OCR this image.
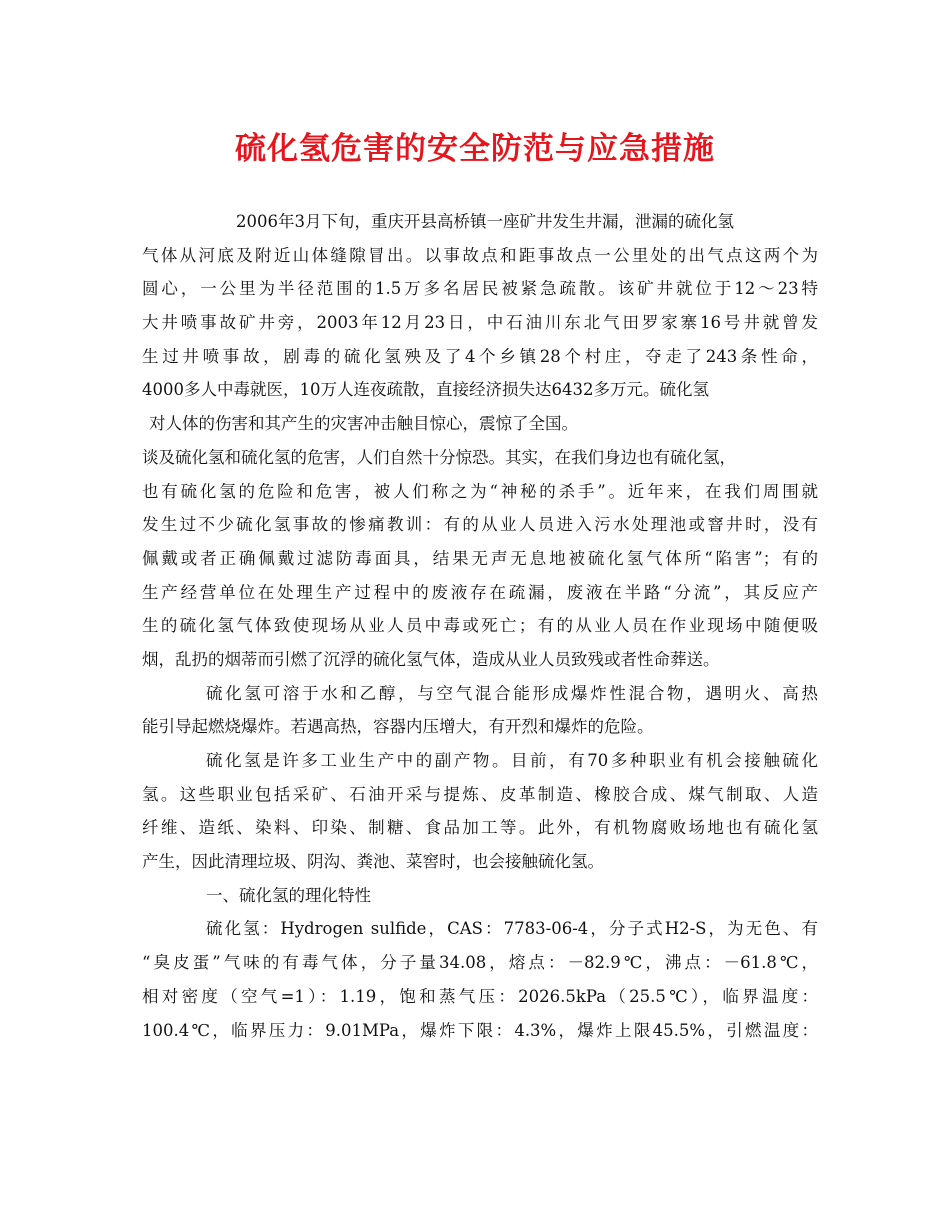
硫化氢危害的安全防范与应急措施
2006年3月下旬，重庆开县高桥镇一座矿井发生井漏，泄漏的硫化氢
气体从河底及附近山体缝隙冒出。以事故点和距事故点一公里处的出气点这两个为
圆心，一公里为半径范围的1.5万多名居民被紧急疏散。该矿井就位于12～23特
大井喷事故矿井旁，2003年12月23日，中石油川东北气田罗家寨16号井就曾发
生过井喷事故，剧毒的硫化氢殃及了4个乡镇28个村庄，夺走了243条性命，
4000多人中毒就医，10万人连夜疏散，直接经济损失达6432多万元。硫化氢
对人体的伤害和其产生的灾害冲击触目惊心，震惊了全国。
谈及硫化氢和硫化氢的危害，人们自然十分惊恐。其实，在我们身边也有硫化氢，
也有硫化氢的危险和危害，被人们称之为“神秘的杀手”。近年来，在我们周围就
发生过不少硫化氢事故的惨痛教训：有的从业人员进入污水处理池或窨井时，没有
佩戴或者正确佩戴过滤防毒面具，结果无声无息地被硫化氢气体所“陷害”；有的
生产经营单位在处理生产过程中的废液存在疏漏，废液在半路“分流”，其反应产
生的硫化氢气体致使现场从业人员中毒或死亡；有的从业人员在作业现场中随便吸
烟，乱扔的烟蒂而引燃了沉浮的硫化氢气体，造成从业人员致残或者性命葬送。
硫化氢可溶于水和乙醇，与空气混合能形成爆炸性混合物，遇明火、高热
能引导起燃烧爆炸。若遇高热，容器内压增大，有开烈和爆炸的危险。
硫化氢是许多工业生产中的副产物。目前，有70多种职业有机会接触硫化
氢。这些职业包括采矿、石油开采与提炼、皮革制造、橡胶合成、煤气制取、人造
纤维、造纸、染料、印染、制糖、食品加工等。此外，有机物腐败场地也有硫化氢
产生，因此清理垃圾、阴沟、粪池、菜窖时，也会接触硫化氢。
一、硫化氢的理化特性
硫化氢：Hydrogen sulfide，CAS：7783-06-4，分子式H2-S，为无色、有
“臭皮蛋”气味的有毒气体，分子量34.08，熔点：－82.9℃，沸点：－61.8℃，
相对密度（空气=1）：1.19，饱和蒸气压：2026.5kPa（25.5℃），临界温度：
100.4℃，临界压力：9.01MPa，爆炸下限：4.3%，爆炸上限45.5%，引燃温度：
